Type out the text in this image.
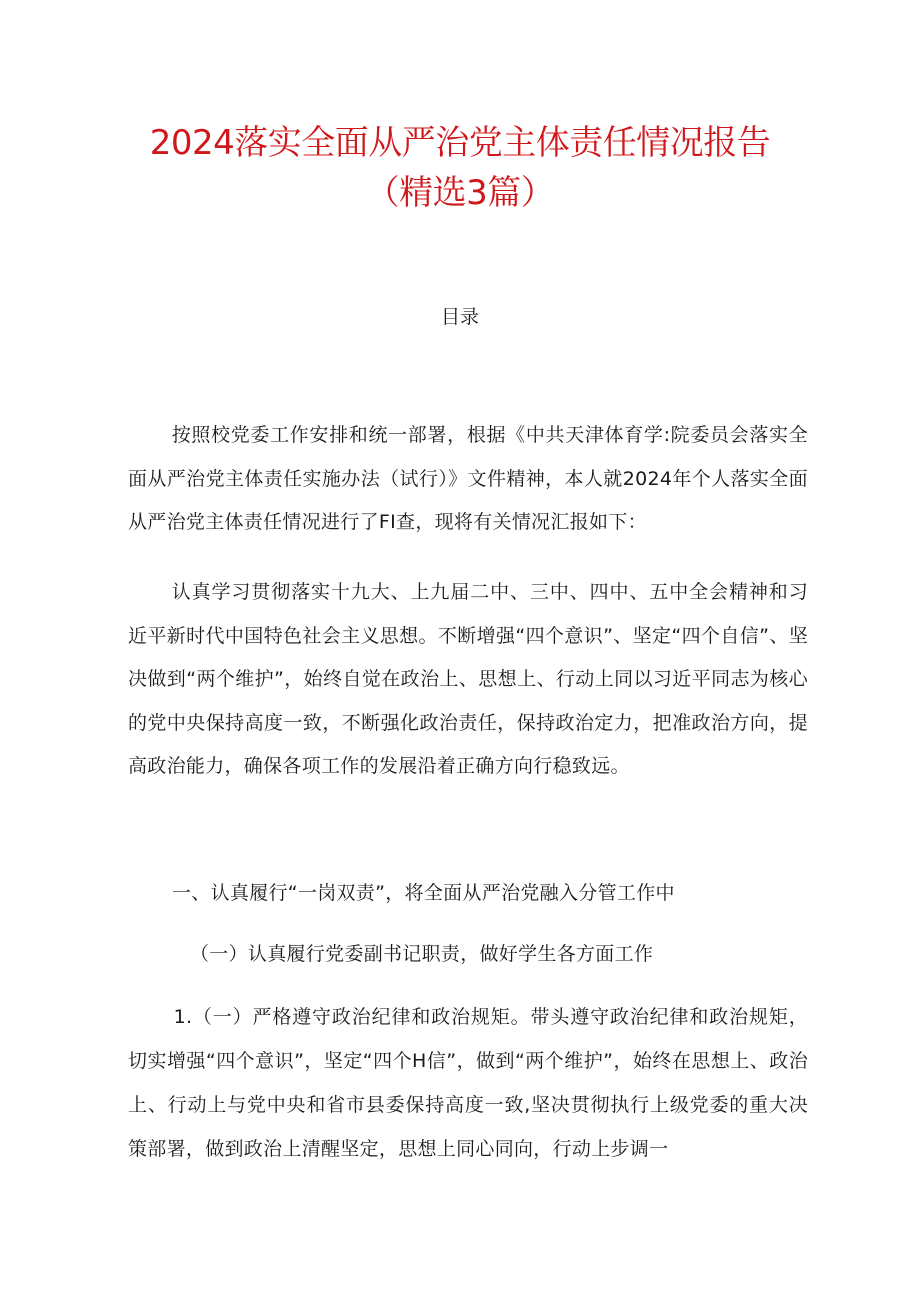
2024落实全面从严治党主体责任情况报告（精选3篇）
目录

按照校党委工作安排和统一部署，根据《中共天津体育学:院委员会落实全面从严治党主体责任实施办法（试行）》文件精神，本人就2024年个人落实全面从严治党主体责任情况进行了FI查，现将有关情况汇报如下：

认真学习贯彻落实十九大、上九届二中、三中、四中、五中全会精神和习近平新时代中国特色社会主义思想。不断增强“四个意识”、坚定“四个自信”、坚决做到“两个维护”，始终自觉在政治上、思想上、行动上同以习近平同志为核心的党中央保持高度一致，不断强化政治责任，保持政治定力，把准政治方向，提高政治能力，确保各项工作的发展沿着正确方向行稳致远。

一、认真履行“一岗双责”，将全面从严治党融入分管工作中
（一）认真履行党委副书记职责，做好学生各方面工作

1.（一）严格遵守政治纪律和政治规矩。带头遵守政治纪律和政治规矩，切实增强“四个意识”，坚定“四个H信”，做到“两个维护”，始终在思想上、政治上、行动上与党中央和省市县委保持高度一致,坚决贯彻执行上级党委的重大决策部署，做到政治上清醒坚定，思想上同心同向，行动上步调一
